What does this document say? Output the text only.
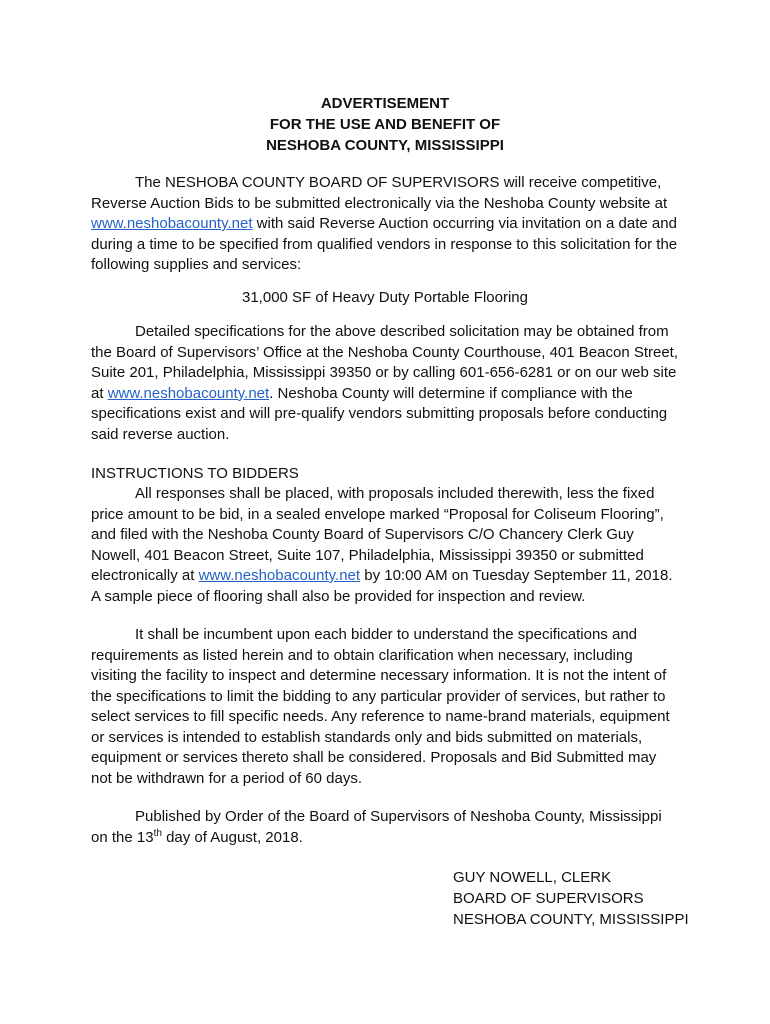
ADVERTISEMENT
FOR THE USE AND BENEFIT OF
NESHOBA COUNTY, MISSISSIPPI

The NESHOBA COUNTY BOARD OF SUPERVISORS will receive competitive, Reverse Auction Bids to be submitted electronically via the Neshoba County website at www.neshobacounty.net with said Reverse Auction occurring via invitation on a date and during a time to be specified from qualified vendors in response to this solicitation for the following supplies and services:

31,000 SF of Heavy Duty Portable Flooring

Detailed specifications for the above described solicitation may be obtained from the Board of Supervisors’ Office at the Neshoba County Courthouse, 401 Beacon Street, Suite 201, Philadelphia, Mississippi 39350 or by calling 601-656-6281 or on our web site at www.neshobacounty.net. Neshoba County will determine if compliance with the specifications exist and will pre-qualify vendors submitting proposals before conducting said reverse auction.

INSTRUCTIONS TO BIDDERS

All responses shall be placed, with proposals included therewith, less the fixed price amount to be bid, in a sealed envelope marked “Proposal for Coliseum Flooring”, and filed with the Neshoba County Board of Supervisors C/O Chancery Clerk Guy Nowell, 401 Beacon Street, Suite 107, Philadelphia, Mississippi 39350 or submitted electronically at www.neshobacounty.net by 10:00 AM on Tuesday September 11, 2018. A sample piece of flooring shall also be provided for inspection and review.

It shall be incumbent upon each bidder to understand the specifications and requirements as listed herein and to obtain clarification when necessary, including visiting the facility to inspect and determine necessary information. It is not the intent of the specifications to limit the bidding to any particular provider of services, but rather to select services to fill specific needs. Any reference to name-brand materials, equipment or services is intended to establish standards only and bids submitted on materials, equipment or services thereto shall be considered. Proposals and Bid Submitted may not be withdrawn for a period of 60 days.

Published by Order of the Board of Supervisors of Neshoba County, Mississippi on the 13th day of August, 2018.

GUY NOWELL, CLERK
BOARD OF SUPERVISORS
NESHOBA COUNTY, MISSISSIPPI
